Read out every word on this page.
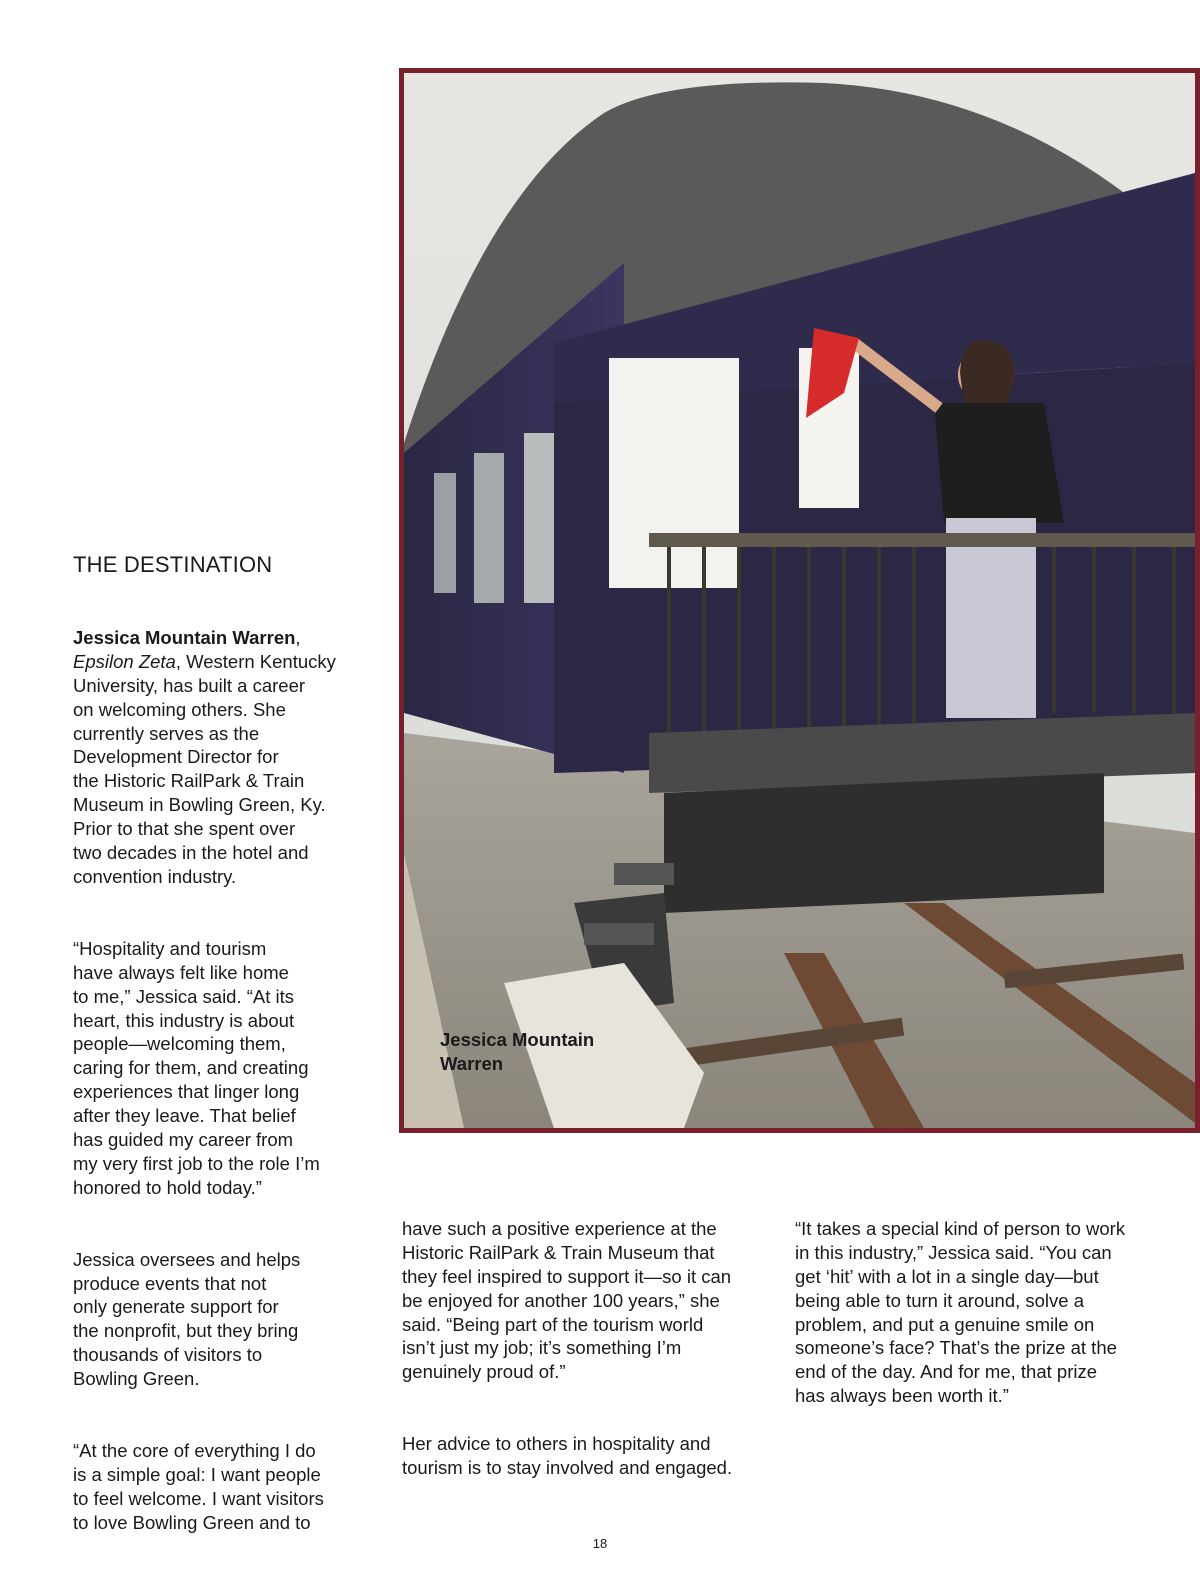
THE DESTINATION

Jessica Mountain Warren, Epsilon Zeta, Western Kentucky
University, has built a career
on welcoming others. She
currently serves as the
Development Director for
the Historic RailPark & Train
Museum in Bowling Green, Ky.
Prior to that she spent over
two decades in the hotel and
convention industry.

“Hospitality and tourism
have always felt like home
to me,” Jessica said. “At its
heart, this industry is about
people—welcoming them,
caring for them, and creating
experiences that linger long
after they leave. That belief
has guided my career from
my very first job to the role I’m
honored to hold today.”

Jessica oversees and helps
produce events that not
only generate support for
the nonprofit, but they bring
thousands of visitors to
Bowling Green.

“At the core of everything I do
is a simple goal: I want people
to feel welcome. I want visitors
to love Bowling Green and to

Jessica Mountain
Warren

have such a positive experience at the
Historic RailPark & Train Museum that
they feel inspired to support it—so it can
be enjoyed for another 100 years,” she
said. “Being part of the tourism world
isn’t just my job; it’s something I’m
genuinely proud of.”

Her advice to others in hospitality and
tourism is to stay involved and engaged.

“It takes a special kind of person to work
in this industry,” Jessica said. “You can
get ‘hit’ with a lot in a single day—but
being able to turn it around, solve a
problem, and put a genuine smile on
someone’s face? That’s the prize at the
end of the day. And for me, that prize
has always been worth it.”

18
